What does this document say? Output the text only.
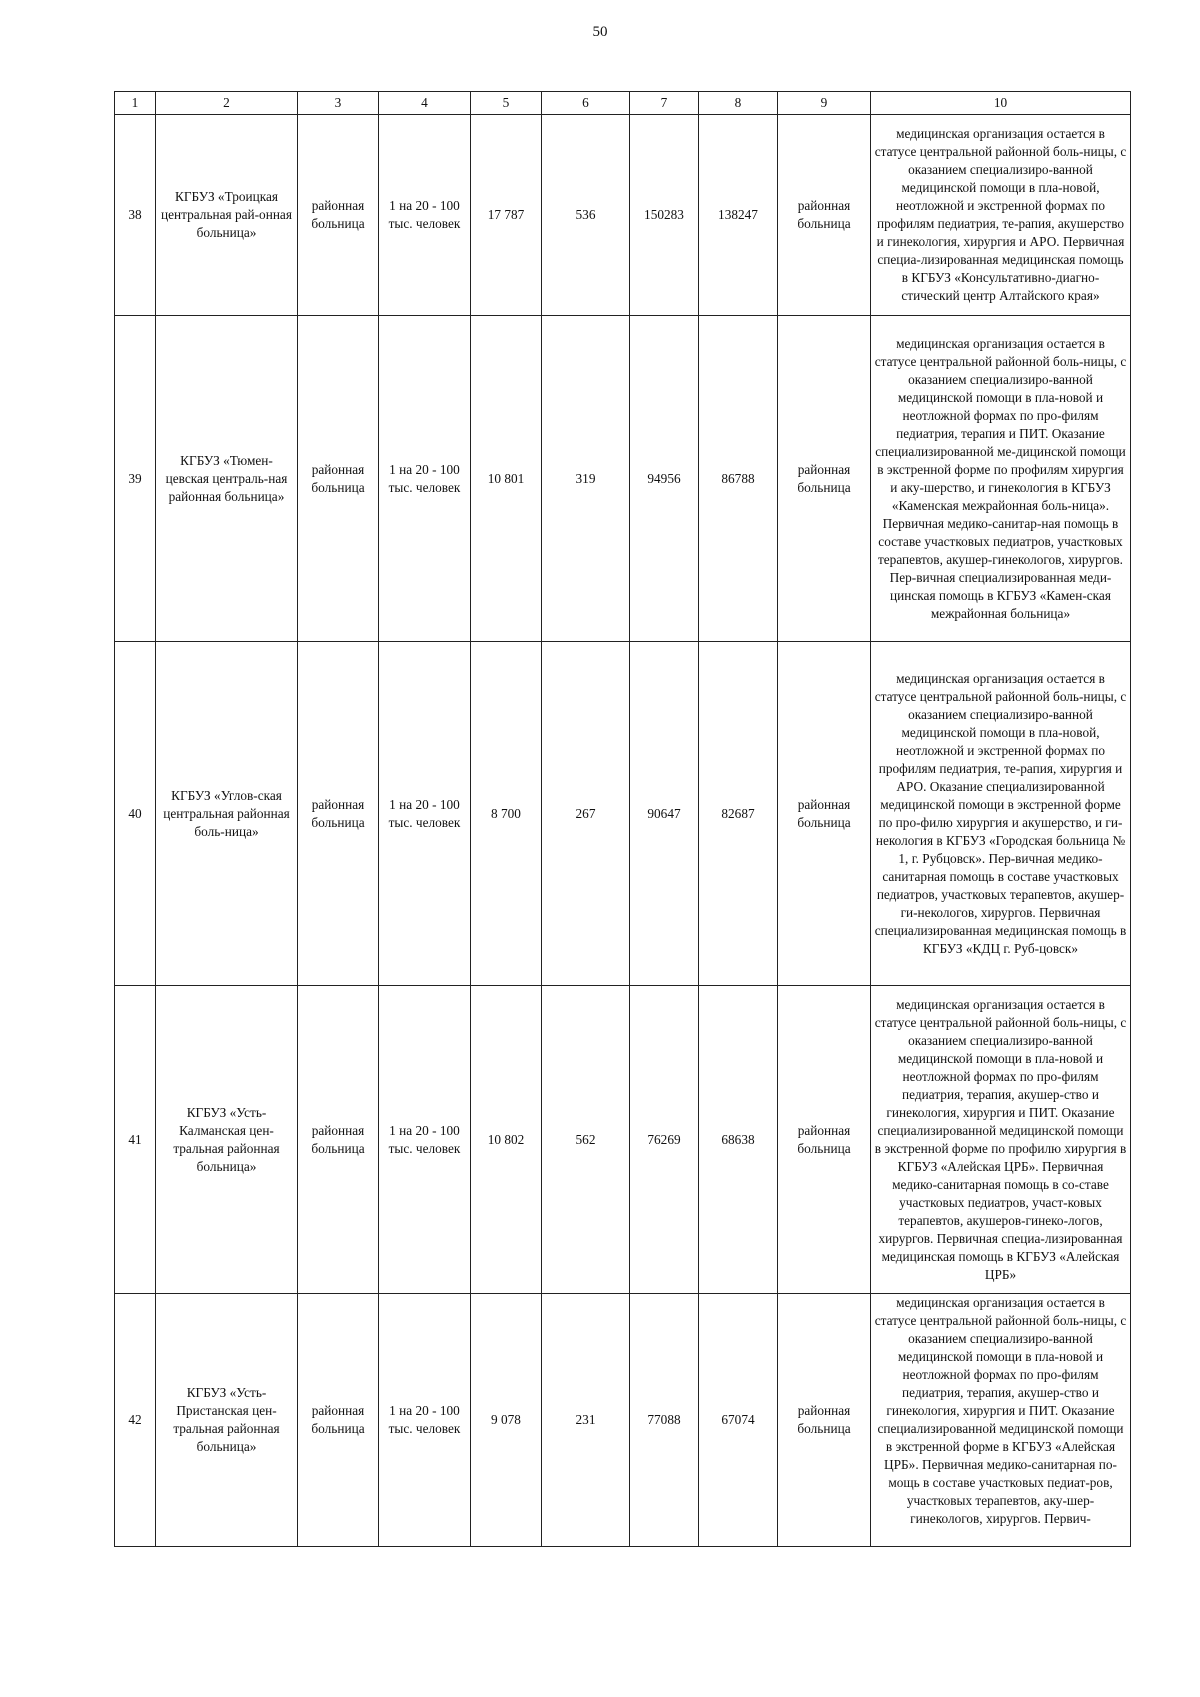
50
1	2	3	4	5	6	7	8	9	10
38	КГБУЗ «Троицкая центральная рай-онная больница»	районная больница	1 на 20 - 100 тыс. человек	17 787	536	150283	138247	районная больница	медицинская организация остается в статусе центральной районной боль-ницы, с оказанием специализиро-ванной медицинской помощи в пла-новой, неотложной и экстренной формах по профилям педиатрия, те-рапия, акушерство и гинекология, хирургия и АРО. Первичная специа-лизированная медицинская помощь в КГБУЗ «Консультативно-диагно-стический центр Алтайского края»
39	КГБУЗ «Тюмен-цевская централь-ная районная больница»	районная больница	1 на 20 - 100 тыс. человек	10 801	319	94956	86788	районная больница	медицинская организация остается в статусе центральной районной боль-ницы, с оказанием специализиро-ванной медицинской помощи в пла-новой и неотложной формах по про-филям педиатрия, терапия и ПИТ. Оказание специализированной ме-дицинской помощи в экстренной форме по профилям хирургия и аку-шерство, и гинекология в КГБУЗ «Каменская межрайонная боль-ница». Первичная медико-санитар-ная помощь в составе участковых педиатров, участковых терапевтов, акушер-гинекологов, хирургов. Пер-вичная специализированная меди-цинская помощь в КГБУЗ «Камен-ская межрайонная больница»
40	КГБУЗ «Углов-ская центральная районная боль-ница»	районная больница	1 на 20 - 100 тыс. человек	8 700	267	90647	82687	районная больница	медицинская организация остается в статусе центральной районной боль-ницы, с оказанием специализиро-ванной медицинской помощи в пла-новой, неотложной и экстренной формах по профилям педиатрия, те-рапия, хирургия и АРО. Оказание специализированной медицинской помощи в экстренной форме по про-филю хирургия и акушерство, и ги-некология в КГБУЗ «Городская больница № 1, г. Рубцовск». Пер-вичная медико-санитарная помощь в составе участковых педиатров, участковых терапевтов, акушер-ги-некологов, хирургов. Первичная специализированная медицинская помощь в КГБУЗ «КДЦ г. Руб-цовск»
41	КГБУЗ «Усть-Калманская цен-тральная районная больница»	районная больница	1 на 20 - 100 тыс. человек	10 802	562	76269	68638	районная больница	медицинская организация остается в статусе центральной районной боль-ницы, с оказанием специализиро-ванной медицинской помощи в пла-новой и неотложной формах по про-филям педиатрия, терапия, акушер-ство и гинекология, хирургия и ПИТ. Оказание специализированной медицинской помощи в экстренной форме по профилю хирургия в КГБУЗ «Алейская ЦРБ». Первичная медико-санитарная помощь в со-ставе участковых педиатров, участ-ковых терапевтов, акушеров-гинеко-логов, хирургов. Первичная специа-лизированная медицинская помощь в КГБУЗ «Алейская ЦРБ»
42	КГБУЗ «Усть-Пристанская цен-тральная районная больница»	районная больница	1 на 20 - 100 тыс. человек	9 078	231	77088	67074	районная больница	медицинская организация остается в статусе центральной районной боль-ницы, с оказанием специализиро-ванной медицинской помощи в пла-новой и неотложной формах по про-филям педиатрия, терапия, акушер-ство и гинекология, хирургия и ПИТ. Оказание специализированной медицинской помощи в экстренной форме в КГБУЗ «Алейская ЦРБ». Первичная медико-санитарная по-мощь в составе участковых педиат-ров, участковых терапевтов, аку-шер-гинекологов, хирургов. Первич-
